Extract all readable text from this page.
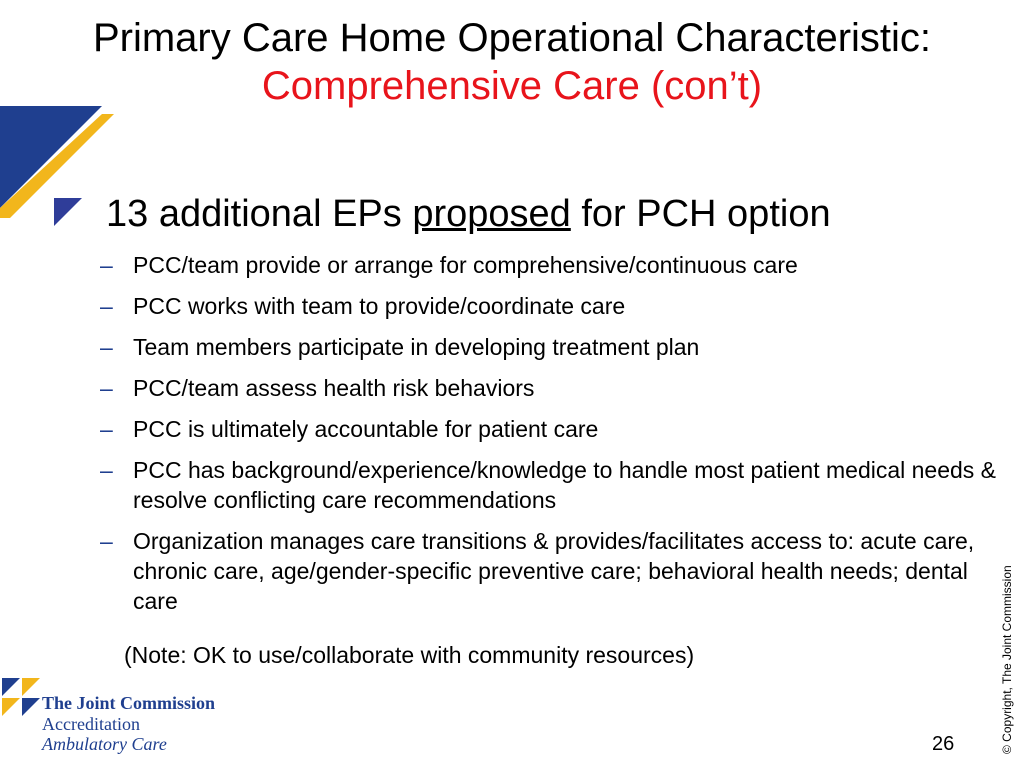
Primary Care Home Operational Characteristic:
Comprehensive Care (con’t)
13 additional EPs proposed for PCH option
– PCC/team provide or arrange for comprehensive/continuous care
– PCC works with team to provide/coordinate care
– Team members participate in developing treatment plan
– PCC/team assess health risk behaviors
– PCC is ultimately accountable for patient care
– PCC has background/experience/knowledge to handle most patient medical needs & resolve conflicting care recommendations
– Organization manages care transitions & provides/facilitates access to: acute care, chronic care, age/gender-specific preventive care; behavioral health needs; dental care
(Note: OK to use/collaborate with community resources)

The Joint Commission

Accreditation

Ambulatory Care	26	© Copyright, The Joint Commission
